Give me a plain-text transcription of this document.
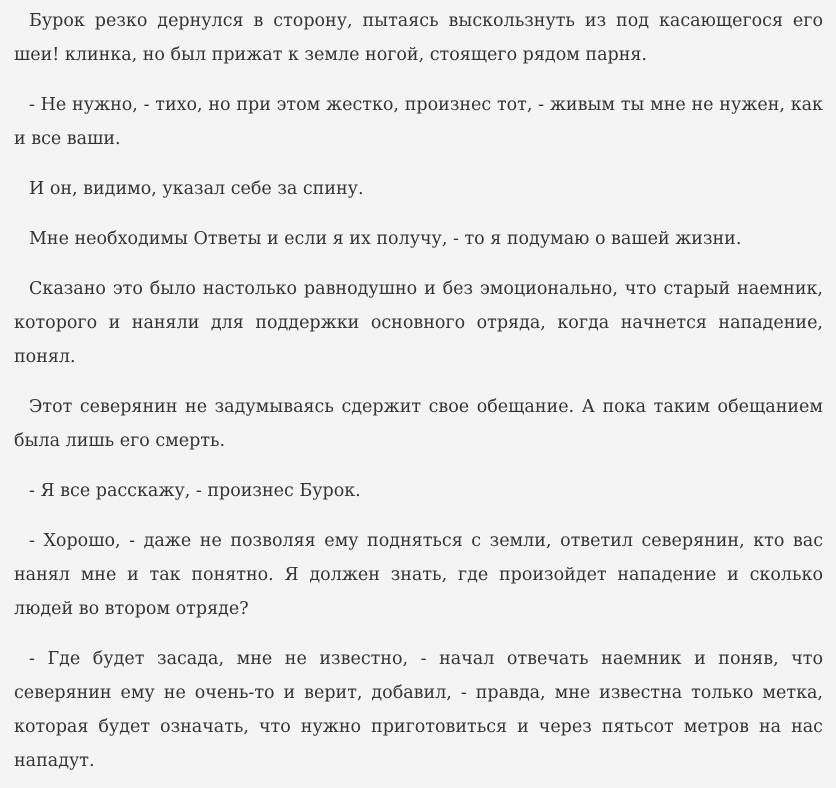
Бурок резко дернулся в сторону, пытаясь выскользнуть из под касающегося его шеи! клинка, но был прижат к земле ногой, стоящего рядом парня.

- Не нужно, - тихо, но при этом жестко, произнес тот, - живым ты мне не нужен, как и все ваши.

И он, видимо, указал себе за спину.

Мне необходимы Ответы и если я их получу, - то я подумаю о вашей жизни.

Сказано это было настолько равнодушно и без эмоционально, что старый наемник, которого и наняли для поддержки основного отряда, когда начнется нападение, понял.

Этот северянин не задумываясь сдержит свое обещание. А пока таким обещанием была лишь его смерть.

- Я все расскажу, - произнес Бурок.

- Хорошо, - даже не позволяя ему подняться с земли, ответил северянин, кто вас нанял мне и так понятно. Я должен знать, где произойдет нападение и сколько людей во втором отряде?

- Где будет засада, мне не известно, - начал отвечать наемник и поняв, что северянин ему не очень-то и верит, добавил, - правда, мне известна только метка, которая будет означать, что нужно приготовиться и через пятьсот метров на нас нападут.
